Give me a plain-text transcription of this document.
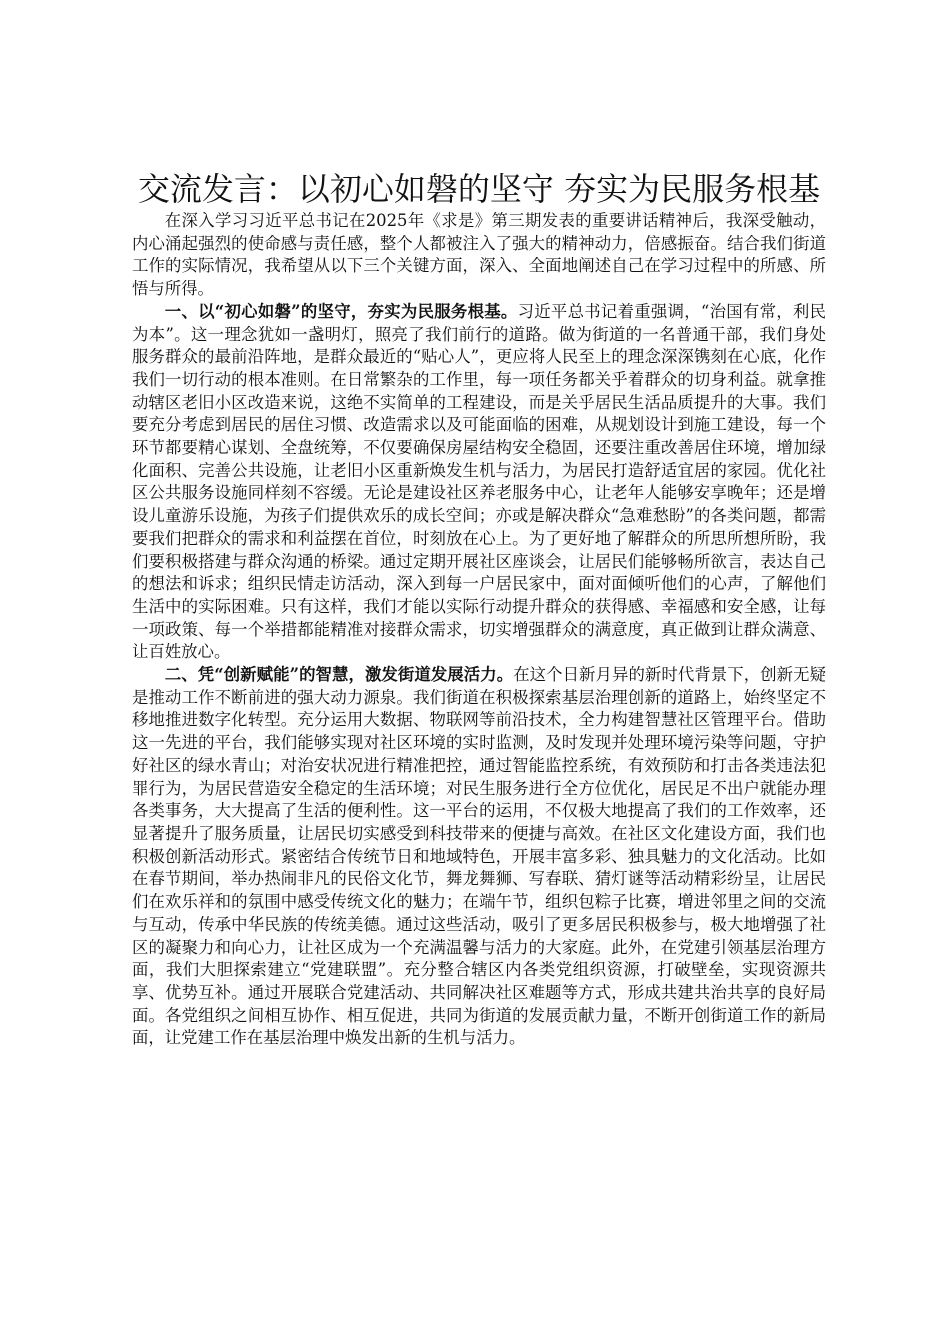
交流发言：以初心如磐的坚守 夯实为民服务根基

在深入学习习近平总书记在2025年《求是》第三期发表的重要讲话精神后，我深受触动，内心涌起强烈的使命感与责任感，整个人都被注入了强大的精神动力，倍感振奋。结合我们街道工作的实际情况，我希望从以下三个关键方面，深入、全面地阐述自己在学习过程中的所感、所悟与所得。

一、以“初心如磐”的坚守，夯实为民服务根基。习近平总书记着重强调，“治国有常，利民为本”。这一理念犹如一盏明灯，照亮了我们前行的道路。做为街道的一名普通干部，我们身处服务群众的最前沿阵地，是群众最近的“贴心人”，更应将人民至上的理念深深镌刻在心底，化作我们一切行动的根本准则。在日常繁杂的工作里，每一项任务都关乎着群众的切身利益。就拿推动辖区老旧小区改造来说，这绝不实简单的工程建设，而是关乎居民生活品质提升的大事。我们要充分考虑到居民的居住习惯、改造需求以及可能面临的困难，从规划设计到施工建设，每一个环节都要精心谋划、全盘统筹，不仅要确保房屋结构安全稳固，还要注重改善居住环境，增加绿化面积、完善公共设施，让老旧小区重新焕发生机与活力，为居民打造舒适宜居的家园。优化社区公共服务设施同样刻不容缓。无论是建设社区养老服务中心，让老年人能够安享晚年；还是增设儿童游乐设施，为孩子们提供欢乐的成长空间；亦或是解决群众“急难愁盼”的各类问题，都需要我们把群众的需求和利益摆在首位，时刻放在心上。为了更好地了解群众的所思所想所盼，我们要积极搭建与群众沟通的桥梁。通过定期开展社区座谈会，让居民们能够畅所欲言，表达自己的想法和诉求；组织民情走访活动，深入到每一户居民家中，面对面倾听他们的心声，了解他们生活中的实际困难。只有这样，我们才能以实际行动提升群众的获得感、幸福感和安全感，让每一项政策、每一个举措都能精准对接群众需求，切实增强群众的满意度，真正做到让群众满意、让百姓放心。

二、凭“创新赋能”的智慧，激发街道发展活力。在这个日新月异的新时代背景下，创新无疑是推动工作不断前进的强大动力源泉。我们街道在积极探索基层治理创新的道路上，始终坚定不移地推进数字化转型。充分运用大数据、物联网等前沿技术，全力构建智慧社区管理平台。借助这一先进的平台，我们能够实现对社区环境的实时监测，及时发现并处理环境污染等问题，守护好社区的绿水青山；对治安状况进行精准把控，通过智能监控系统，有效预防和打击各类违法犯罪行为，为居民营造安全稳定的生活环境；对民生服务进行全方位优化，居民足不出户就能办理各类事务，大大提高了生活的便利性。这一平台的运用，不仅极大地提高了我们的工作效率，还显著提升了服务质量，让居民切实感受到科技带来的便捷与高效。在社区文化建设方面，我们也积极创新活动形式。紧密结合传统节日和地域特色，开展丰富多彩、独具魅力的文化活动。比如在春节期间，举办热闹非凡的民俗文化节，舞龙舞狮、写春联、猜灯谜等活动精彩纷呈，让居民们在欢乐祥和的氛围中感受传统文化的魅力；在端午节，组织包粽子比赛，增进邻里之间的交流与互动，传承中华民族的传统美德。通过这些活动，吸引了更多居民积极参与，极大地增强了社区的凝聚力和向心力，让社区成为一个充满温馨与活力的大家庭。此外，在党建引领基层治理方面，我们大胆探索建立“党建联盟”。充分整合辖区内各类党组织资源，打破壁垒，实现资源共享、优势互补。通过开展联合党建活动、共同解决社区难题等方式，形成共建共治共享的良好局面。各党组织之间相互协作、相互促进，共同为街道的发展贡献力量，不断开创街道工作的新局面，让党建工作在基层治理中焕发出新的生机与活力。
